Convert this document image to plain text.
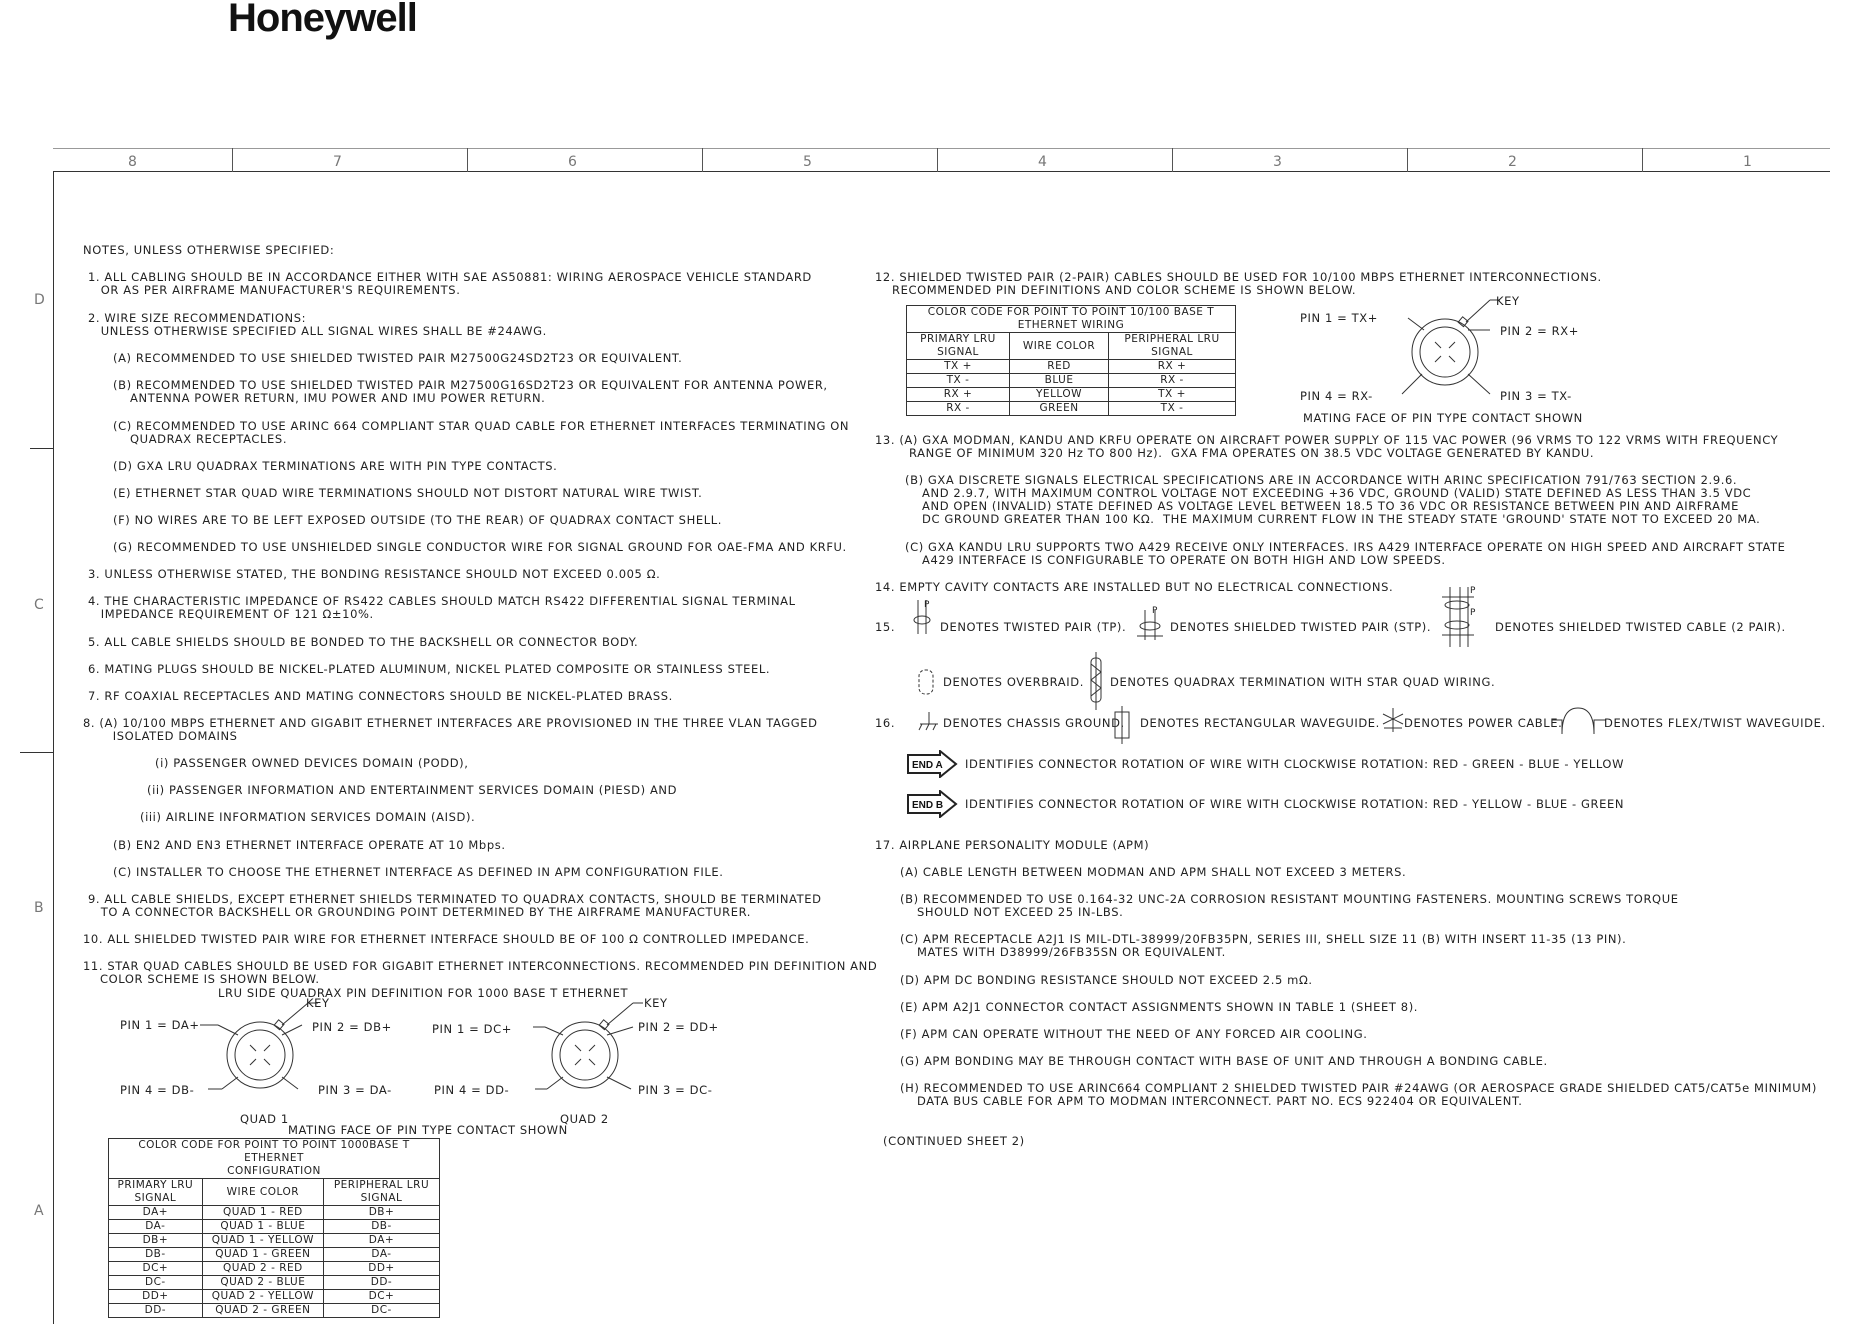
Honeywell
8	7	6	5	4	3	2	1
D
C
B
A
NOTES, UNLESS OTHERWISE SPECIFIED:
1. ALL CABLING SHOULD BE IN ACCORDANCE EITHER WITH SAE AS50881: WIRING AEROSPACE VEHICLE STANDARD
OR AS PER AIRFRAME MANUFACTURER'S REQUIREMENTS.
2. WIRE SIZE RECOMMENDATIONS:
UNLESS OTHERWISE SPECIFIED ALL SIGNAL WIRES SHALL BE #24AWG.
(A) RECOMMENDED TO USE SHIELDED TWISTED PAIR M27500G24SD2T23 OR EQUIVALENT.
(B) RECOMMENDED TO USE SHIELDED TWISTED PAIR M27500G16SD2T23 OR EQUIVALENT FOR ANTENNA POWER,
ANTENNA POWER RETURN, IMU POWER AND IMU POWER RETURN.
(C) RECOMMENDED TO USE ARINC 664 COMPLIANT STAR QUAD CABLE FOR ETHERNET INTERFACES TERMINATING ON
QUADRAX RECEPTACLES.
(D) GXA LRU QUADRAX TERMINATIONS ARE WITH PIN TYPE CONTACTS.
(E) ETHERNET STAR QUAD WIRE TERMINATIONS SHOULD NOT DISTORT NATURAL WIRE TWIST.
(F) NO WIRES ARE TO BE LEFT EXPOSED OUTSIDE (TO THE REAR) OF QUADRAX CONTACT SHELL.
(G) RECOMMENDED TO USE UNSHIELDED SINGLE CONDUCTOR WIRE FOR SIGNAL GROUND FOR OAE-FMA AND KRFU.
3. UNLESS OTHERWISE STATED, THE BONDING RESISTANCE SHOULD NOT EXCEED 0.005 Ω.
4. THE CHARACTERISTIC IMPEDANCE OF RS422 CABLES SHOULD MATCH RS422 DIFFERENTIAL SIGNAL TERMINAL
IMPEDANCE REQUIREMENT OF 121 Ω±10%.
5. ALL CABLE SHIELDS SHOULD BE BONDED TO THE BACKSHELL OR CONNECTOR BODY.
6. MATING PLUGS SHOULD BE NICKEL-PLATED ALUMINUM, NICKEL PLATED COMPOSITE OR STAINLESS STEEL.
7. RF COAXIAL RECEPTACLES AND MATING CONNECTORS SHOULD BE NICKEL-PLATED BRASS.
8. (A) 10/100 MBPS ETHERNET AND GIGABIT ETHERNET INTERFACES ARE PROVISIONED IN THE THREE VLAN TAGGED
ISOLATED DOMAINS
(i) PASSENGER OWNED DEVICES DOMAIN (PODD),
(ii) PASSENGER INFORMATION AND ENTERTAINMENT SERVICES DOMAIN (PIESD) AND
(iii) AIRLINE INFORMATION SERVICES DOMAIN (AISD).
(B) EN2 AND EN3 ETHERNET INTERFACE OPERATE AT 10 Mbps.
(C) INSTALLER TO CHOOSE THE ETHERNET INTERFACE AS DEFINED IN APM CONFIGURATION FILE.
9. ALL CABLE SHIELDS, EXCEPT ETHERNET SHIELDS TERMINATED TO QUADRAX CONTACTS, SHOULD BE TERMINATED
TO A CONNECTOR BACKSHELL OR GROUNDING POINT DETERMINED BY THE AIRFRAME MANUFACTURER.
10. ALL SHIELDED TWISTED PAIR WIRE FOR ETHERNET INTERFACE SHOULD BE OF 100 Ω CONTROLLED IMPEDANCE.
11. STAR QUAD CABLES SHOULD BE USED FOR GIGABIT ETHERNET INTERCONNECTIONS. RECOMMENDED PIN DEFINITION AND
COLOR SCHEME IS SHOWN BELOW.
LRU SIDE QUADRAX PIN DEFINITION FOR 1000 BASE T ETHERNET
KEY
PIN 1 = DA+	PIN 2 = DB+
PIN 4 = DB-	PIN 3 = DA-
QUAD 1
KEY
PIN 1 = DC+	PIN 2 = DD+
PIN 4 = DD-	PIN 3 = DC-
QUAD 2
MATING FACE OF PIN TYPE CONTACT SHOWN
COLOR CODE FOR POINT TO POINT 1000BASE T ETHERNET
CONFIGURATION		
PRIMARY LRU
SIGNAL	WIRE COLOR	PERIPHERAL LRU
SIGNAL
DA+	QUAD 1 - RED	DB+
DA-	QUAD 1 - BLUE	DB-
DB+	QUAD 1 - YELLOW	DA+
DB-	QUAD 1 - GREEN	DA-
DC+	QUAD 2 - RED	DD+
DC-	QUAD 2 - BLUE	DD-
DD+	QUAD 2 - YELLOW	DC+
DD-	QUAD 2 - GREEN	DC-
12. SHIELDED TWISTED PAIR (2-PAIR) CABLES SHOULD BE USED FOR 10/100 MBPS ETHERNET INTERCONNECTIONS.
RECOMMENDED PIN DEFINITIONS AND COLOR SCHEME IS SHOWN BELOW.
COLOR CODE FOR POINT TO POINT 10/100 BASE T
ETHERNET WIRING		
PRIMARY LRU
SIGNAL	WIRE COLOR	PERIPHERAL LRU
SIGNAL
TX +	RED	RX +
TX -	BLUE	RX -
RX +	YELLOW	TX +
RX -	GREEN	TX -
KEY
PIN 1 = TX+
PIN 2 = RX+
PIN 4 = RX-	PIN 3 = TX-
MATING FACE OF PIN TYPE CONTACT SHOWN
13. (A) GXA MODMAN, KANDU AND KRFU OPERATE ON AIRCRAFT POWER SUPPLY OF 115 VAC POWER (96 VRMS TO 122 VRMS WITH FREQUENCY
RANGE OF MINIMUM 320 Hz TO 800 Hz).  GXA FMA OPERATES ON 38.5 VDC VOLTAGE GENERATED BY KANDU.
(B) GXA DISCRETE SIGNALS ELECTRICAL SPECIFICATIONS ARE IN ACCORDANCE WITH ARINC SPECIFICATION 791/763 SECTION 2.9.6.
AND 2.9.7, WITH MAXIMUM CONTROL VOLTAGE NOT EXCEEDING +36 VDC, GROUND (VALID) STATE DEFINED AS LESS THAN 3.5 VDC
AND OPEN (INVALID) STATE DEFINED AS VOLTAGE LEVEL BETWEEN 18.5 TO 36 VDC OR RESISTANCE BETWEEN PIN AND AIRFRAME
DC GROUND GREATER THAN 100 KΩ.  THE MAXIMUM CURRENT FLOW IN THE STEADY STATE 'GROUND' STATE NOT TO EXCEED 20 MA.
(C) GXA KANDU LRU SUPPORTS TWO A429 RECEIVE ONLY INTERFACES. IRS A429 INTERFACE OPERATE ON HIGH SPEED AND AIRCRAFT STATE
A429 INTERFACE IS CONFIGURABLE TO OPERATE ON BOTH HIGH AND LOW SPEEDS.
14. EMPTY CAVITY CONTACTS ARE INSTALLED BUT NO ELECTRICAL CONNECTIONS.
15.
P
DENOTES TWISTED PAIR (TP).
P
DENOTES SHIELDED TWISTED PAIR (STP).
P
P
DENOTES SHIELDED TWISTED CABLE (2 PAIR).
DENOTES OVERBRAID. DENOTES QUADRAX TERMINATION WITH STAR QUAD WIRING.
16.	DENOTES CHASSIS GROUND. DENOTES RECTANGULAR WAVEGUIDE. DENOTES POWER CABLE.	DENOTES FLEX/TWIST WAVEGUIDE.
END A IDENTIFIES CONNECTOR ROTATION OF WIRE WITH CLOCKWISE ROTATION: RED - GREEN - BLUE - YELLOW
END B IDENTIFIES CONNECTOR ROTATION OF WIRE WITH CLOCKWISE ROTATION: RED - YELLOW - BLUE - GREEN
17. AIRPLANE PERSONALITY MODULE (APM)
(A) CABLE LENGTH BETWEEN MODMAN AND APM SHALL NOT EXCEED 3 METERS.
(B) RECOMMENDED TO USE 0.164-32 UNC-2A CORROSION RESISTANT MOUNTING FASTENERS. MOUNTING SCREWS TORQUE
SHOULD NOT EXCEED 25 IN-LBS.
(C) APM RECEPTACLE A2J1 IS MIL-DTL-38999/20FB35PN, SERIES III, SHELL SIZE 11 (B) WITH INSERT 11-35 (13 PIN).
MATES WITH D38999/26FB35SN OR EQUIVALENT.
(D) APM DC BONDING RESISTANCE SHOULD NOT EXCEED 2.5 mΩ.
(E) APM A2J1 CONNECTOR CONTACT ASSIGNMENTS SHOWN IN TABLE 1 (SHEET 8).
(F) APM CAN OPERATE WITHOUT THE NEED OF ANY FORCED AIR COOLING.
(G) APM BONDING MAY BE THROUGH CONTACT WITH BASE OF UNIT AND THROUGH A BONDING CABLE.
(H) RECOMMENDED TO USE ARINC664 COMPLIANT 2 SHIELDED TWISTED PAIR #24AWG (OR AEROSPACE GRADE SHIELDED CAT5/CAT5e MINIMUM)
DATA BUS CABLE FOR APM TO MODMAN INTERCONNECT. PART NO. ECS 922404 OR EQUIVALENT.
(CONTINUED SHEET 2)
